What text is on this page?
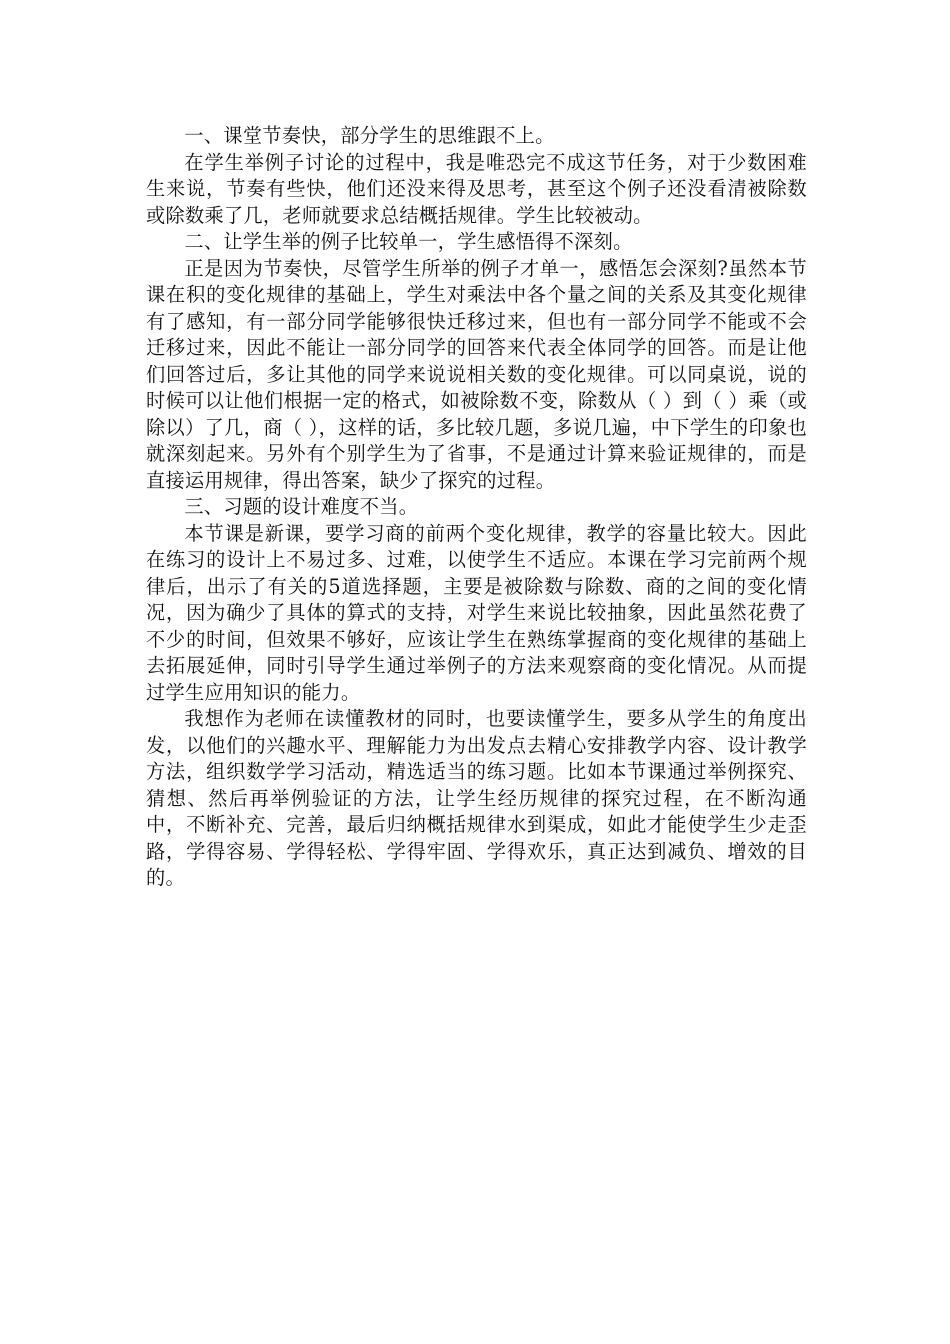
一、课堂节奏快，部分学生的思维跟不上。

在学生举例子讨论的过程中，我是唯恐完不成这节任务，对于少数困难生来说，节奏有些快，他们还没来得及思考，甚至这个例子还没看清被除数或除数乘了几，老师就要求总结概括规律。学生比较被动。

二、让学生举的例子比较单一，学生感悟得不深刻。

正是因为节奏快，尽管学生所举的例子才单一，感悟怎会深刻?虽然本节课在积的变化规律的基础上，学生对乘法中各个量之间的关系及其变化规律有了感知，有一部分同学能够很快迁移过来，但也有一部分同学不能或不会迁移过来，因此不能让一部分同学的回答来代表全体同学的回答。而是让他们回答过后，多让其他的同学来说说相关数的变化规律。可以同桌说，说的时候可以让他们根据一定的格式，如被除数不变，除数从（ ）到（ ）乘（或除以）了几，商（ ），这样的话，多比较几题，多说几遍，中下学生的印象也就深刻起来。另外有个别学生为了省事，不是通过计算来验证规律的，而是直接运用规律，得出答案，缺少了探究的过程。

三、习题的设计难度不当。

本节课是新课，要学习商的前两个变化规律，教学的容量比较大。因此在练习的设计上不易过多、过难，以使学生不适应。本课在学习完前两个规律后，出示了有关的5道选择题，主要是被除数与除数、商的之间的变化情况，因为确少了具体的算式的支持，对学生来说比较抽象，因此虽然花费了不少的时间，但效果不够好，应该让学生在熟练掌握商的变化规律的基础上去拓展延伸，同时引导学生通过举例子的方法来观察商的变化情况。从而提过学生应用知识的能力。

我想作为老师在读懂教材的同时，也要读懂学生，要多从学生的角度出发，以他们的兴趣水平、理解能力为出发点去精心安排教学内容、设计教学方法，组织数学学习活动，精选适当的练习题。比如本节课通过举例探究、猜想、然后再举例验证的方法，让学生经历规律的探究过程，在不断沟通中，不断补充、完善，最后归纳概括规律水到渠成，如此才能使学生少走歪路，学得容易、学得轻松、学得牢固、学得欢乐，真正达到减负、增效的目的。
